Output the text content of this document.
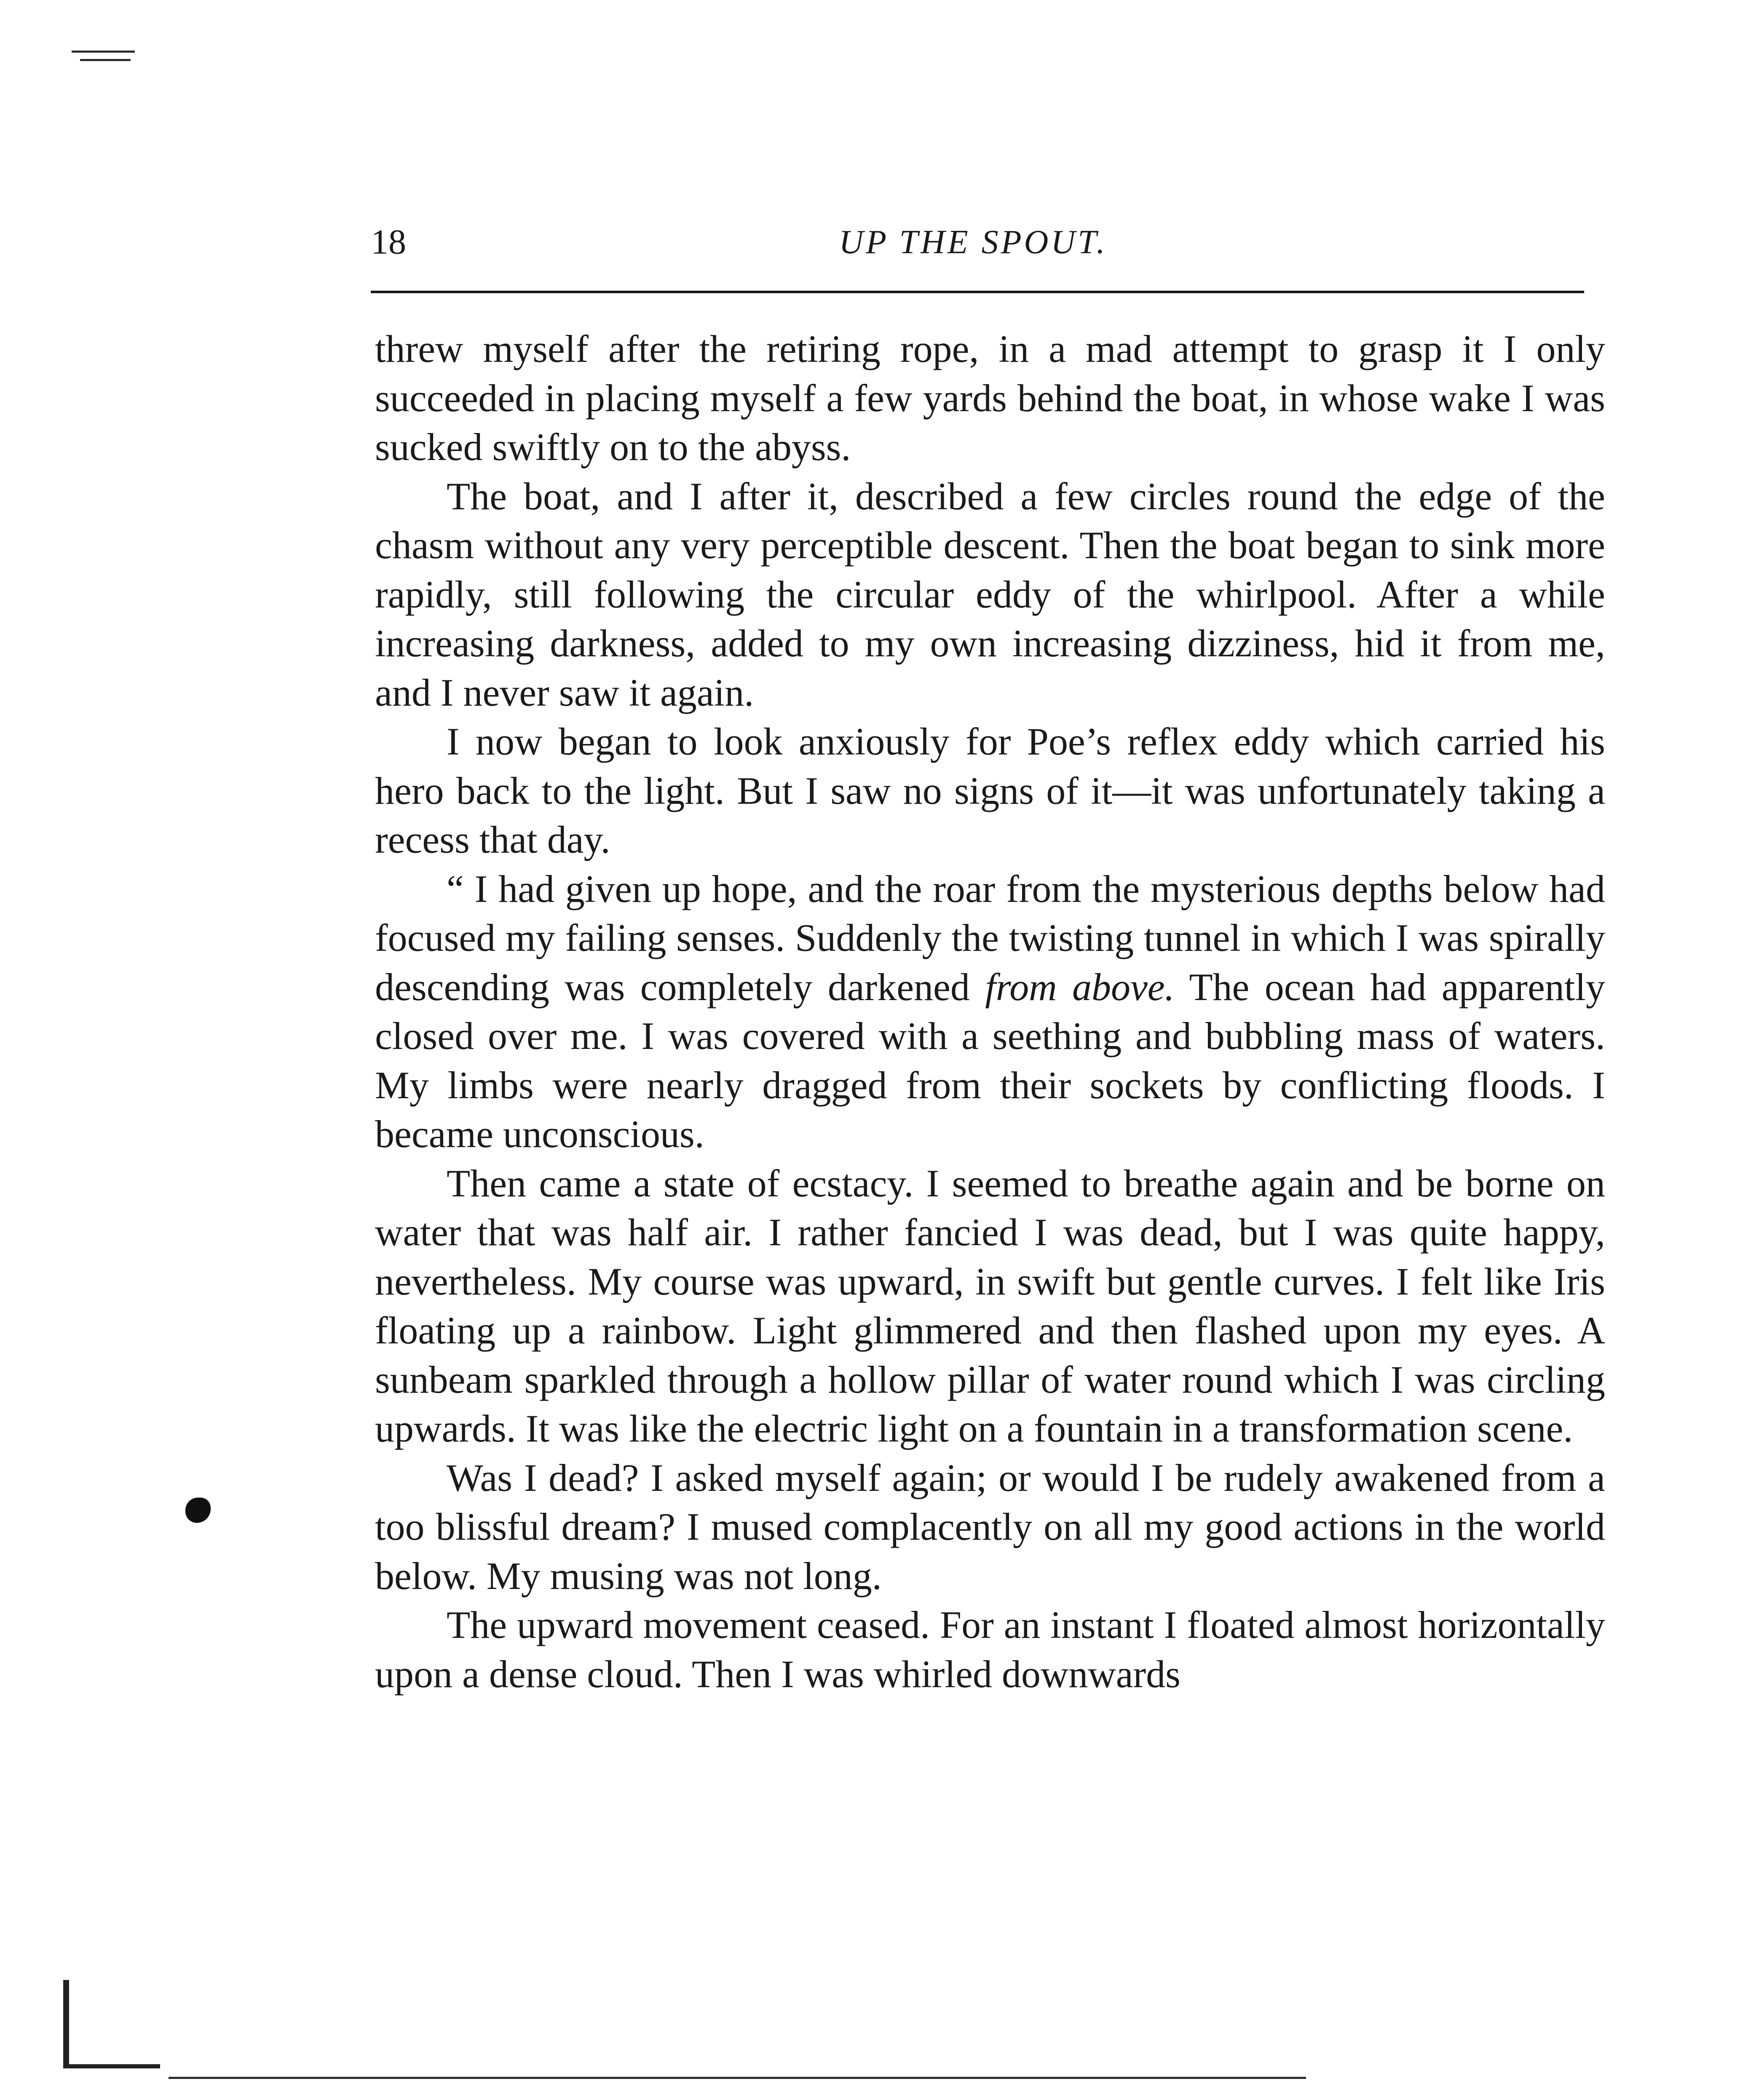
18	UP THE SPOUT.

threw myself after the retiring rope, in a mad attempt to grasp it I only succeeded in placing myself a few yards behind the boat, in whose wake I was sucked swiftly on to the abyss.

The boat, and I after it, described a few circles round the edge of the chasm without any very perceptible descent. Then the boat began to sink more rapidly, still following the circular eddy of the whirlpool. After a while increasing darkness, added to my own increasing dizziness, hid it from me, and I never saw it again.

I now began to look anxiously for Poe’s reflex eddy which carried his hero back to the light. But I saw no signs of it—it was unfortunately taking a recess that day.

“ I had given up hope, and the roar from the mysterious depths below had focused my failing senses. Suddenly the twisting tunnel in which I was spirally descending was completely darkened from above. The ocean had apparently closed over me. I was covered with a seething and bubbling mass of waters. My limbs were nearly dragged from their sockets by conflicting floods. I became unconscious.

Then came a state of ecstacy. I seemed to breathe again and be borne on water that was half air. I rather fancied I was dead, but I was quite happy, nevertheless. My course was upward, in swift but gentle curves. I felt like Iris floating up a rainbow. Light glimmered and then flashed upon my eyes. A sunbeam sparkled through a hollow pillar of water round which I was circling upwards. It was like the electric light on a fountain in a transformation scene.

Was I dead? I asked myself again; or would I be rudely awakened from a too blissful dream? I mused complacently on all my good actions in the world below. My musing was not long.

The upward movement ceased. For an instant I floated almost horizontally upon a dense cloud. Then I was whirled downwards
